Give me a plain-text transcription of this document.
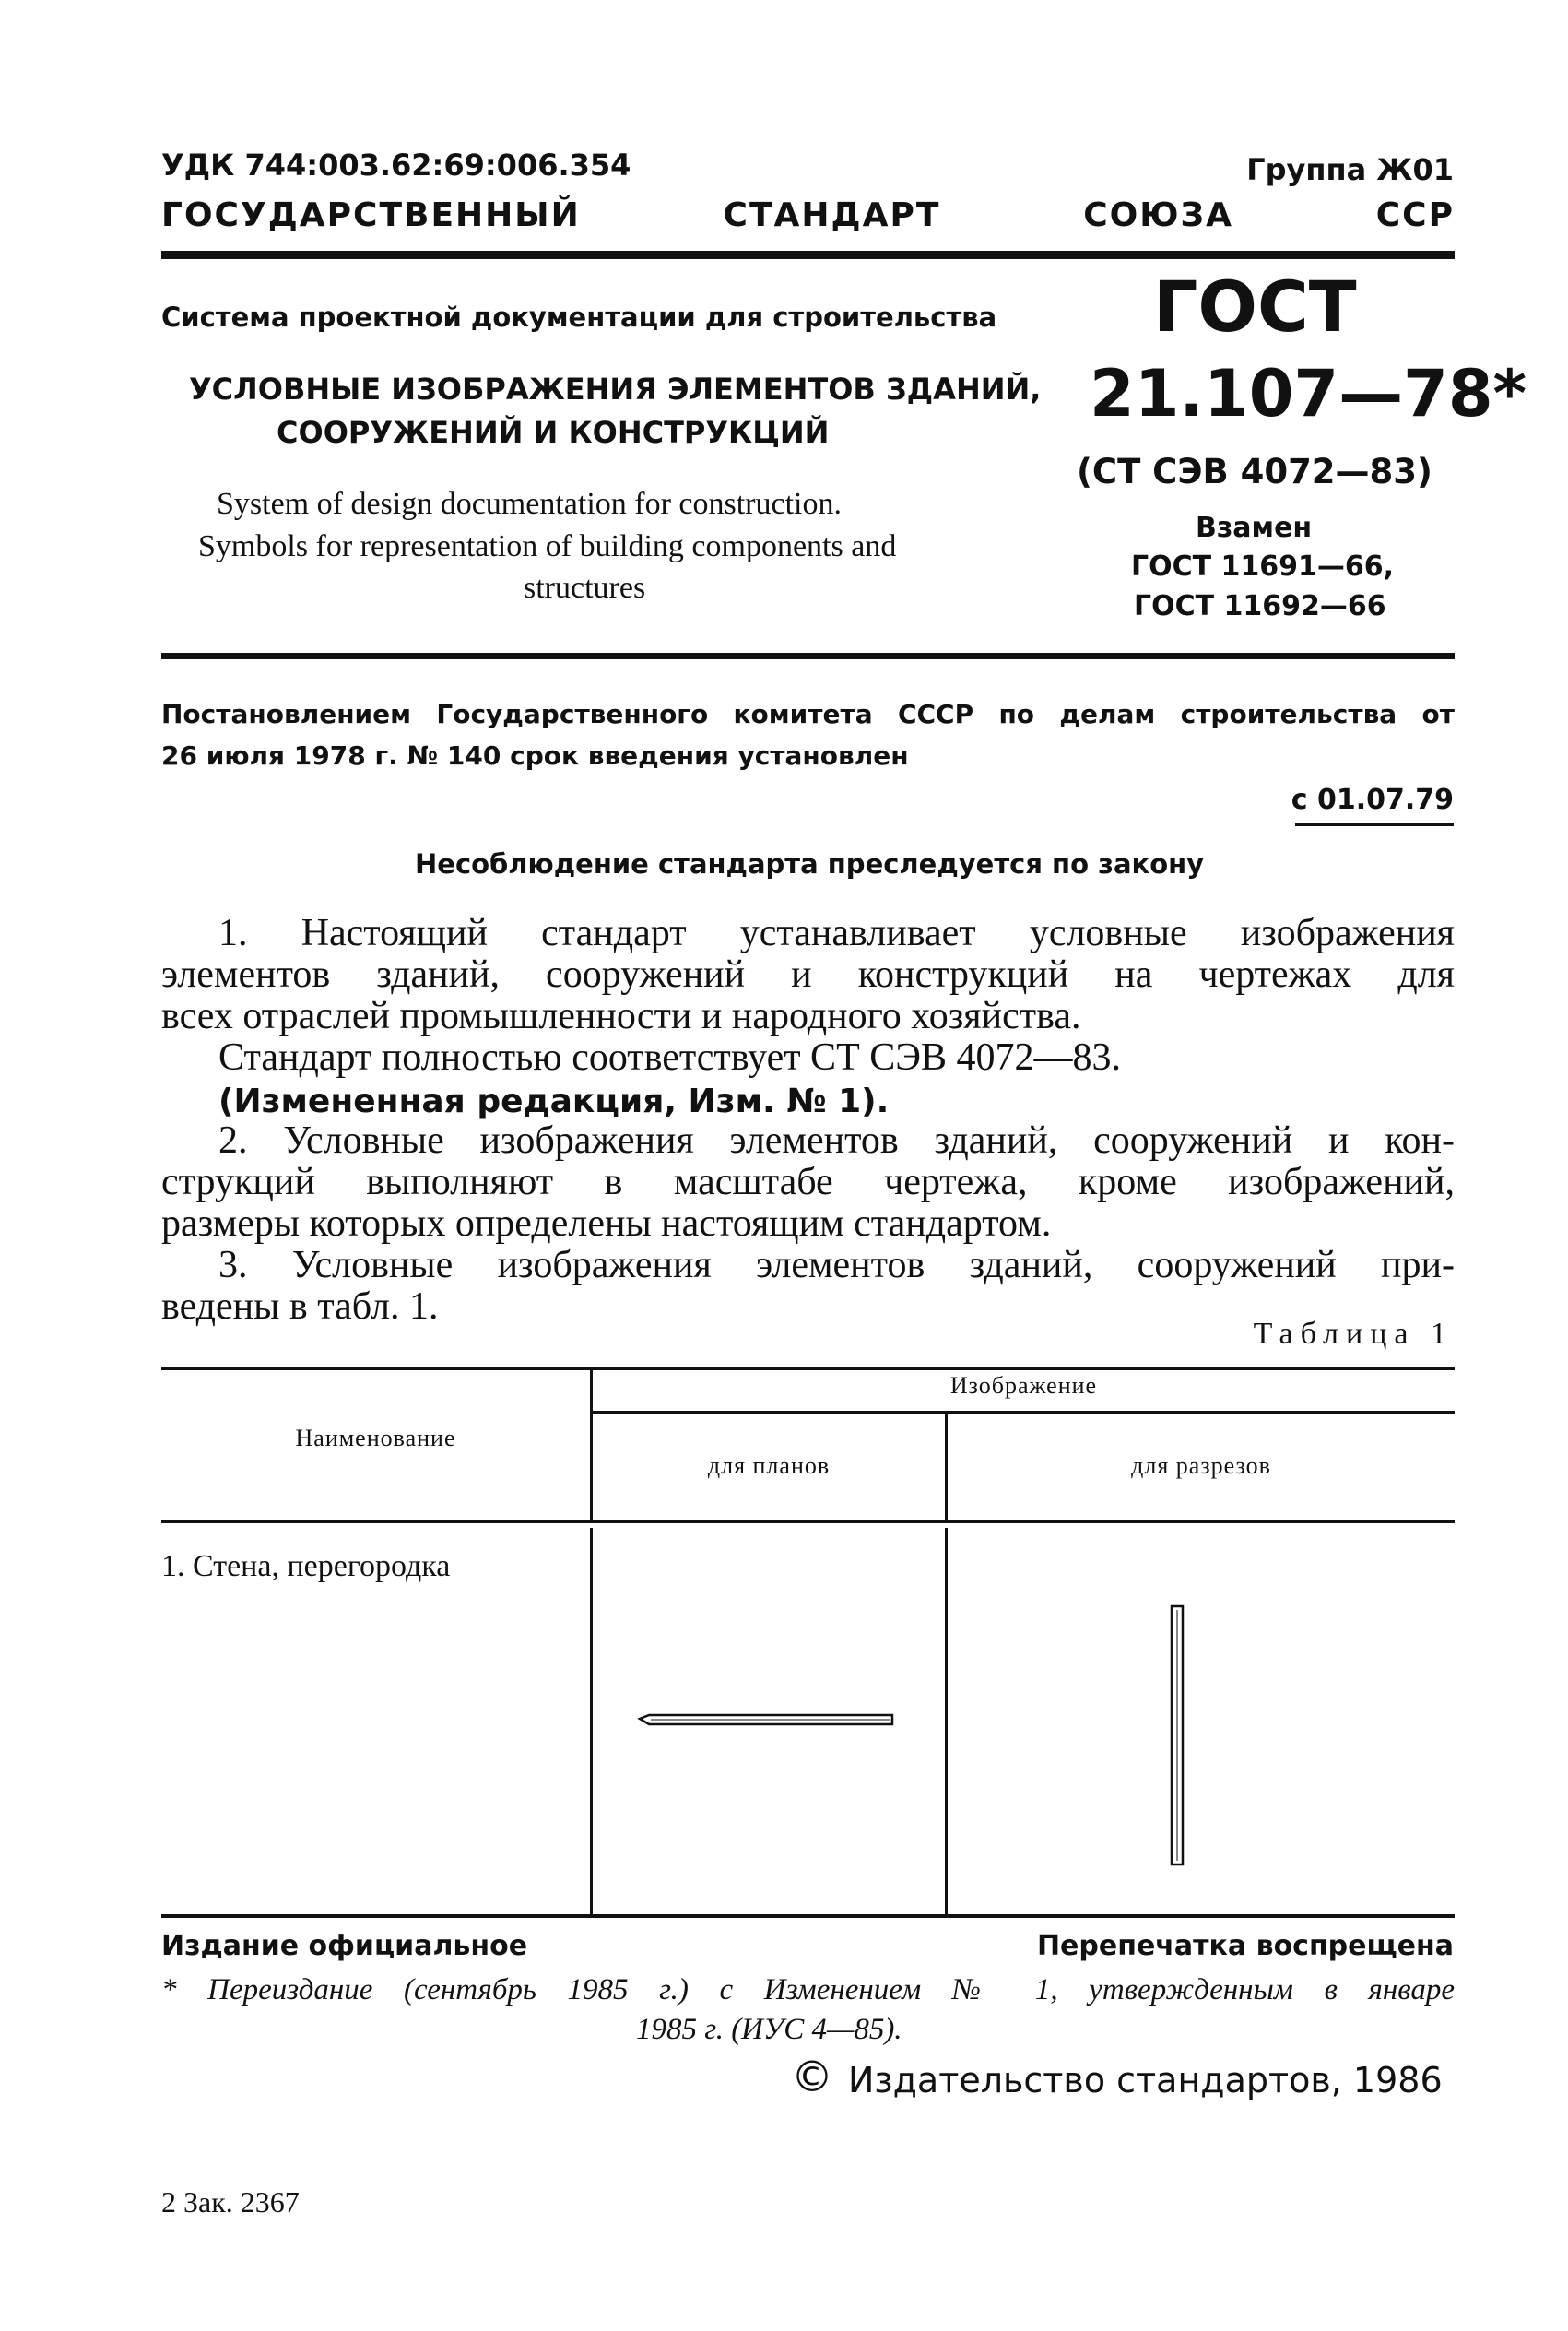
УДК 744:003.62:69:006.354	Группа Ж01
ГОСУДАРСТВЕННЫЙ СТАНДАРТ СОЮЗА ССР
Система проектной документации для строительства
УСЛОВНЫЕ ИЗОБРАЖЕНИЯ ЭЛЕМЕНТОВ ЗДАНИЙ,
СООРУЖЕНИЙ И КОНСТРУКЦИЙ
System of design documentation for construction.
Symbols for representation of building components and
structures
ГОСТ
21.107—78*
(СТ СЭВ 4072—83)
Взамен
ГОСТ 11691—66,
ГОСТ 11692—66
Постановлением Государственного комитета СССР по делам строительства от
26 июля 1978 г. № 140 срок введения установлен
с 01.07.79
Несоблюдение стандарта преследуется по закону
1. Настоящий стандарт устанавливает условные изображения
элементов зданий, сооружений и конструкций на чертежах для
всех отраслей промышленности и народного хозяйства.
Стандарт полностью соответствует СТ СЭВ 4072—83.
(Измененная редакция, Изм. № 1).
2. Условные изображения элементов зданий, сооружений и кон-
струкций выполняют в масштабе чертежа, кроме изображений,
размеры которых определены настоящим стандартом.
3. Условные изображения элементов зданий, сооружений при-
ведены в табл. 1.
Таблица 1
Наименование
Изображение
для планов	для разрезов
1. Стена, перегородка
Издание официальное	Перепечатка воспрещена
* Переиздание (сентябрь 1985 г.) с Изменением № 1, утвержденным в январе
1985 г. (ИУС 4—85).
© Издательство стандартов, 1986
2 Зак. 2367
